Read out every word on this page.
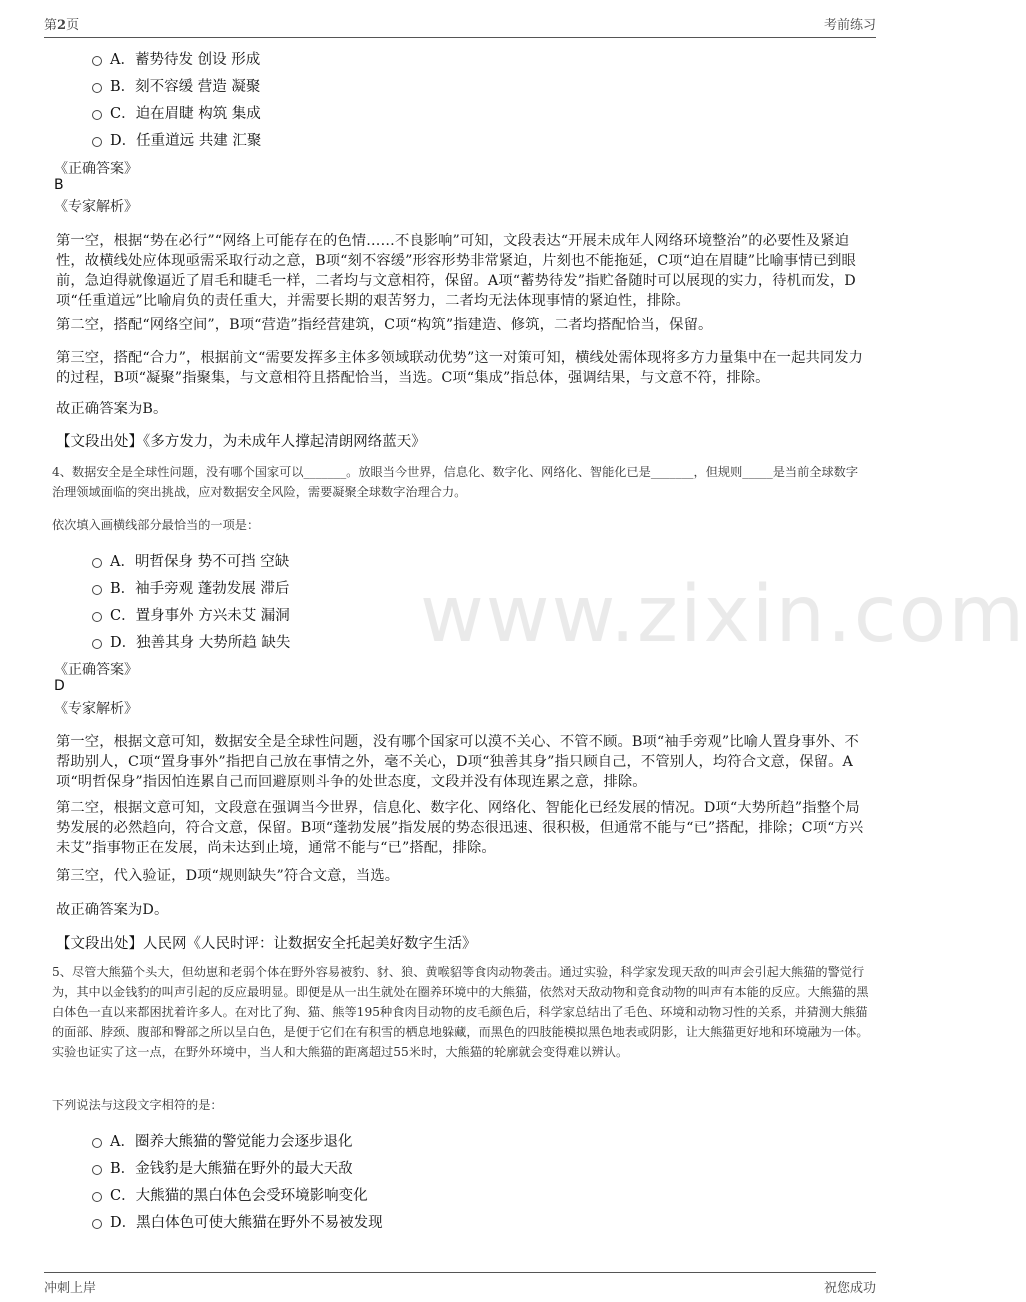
第2页	考前练习
www.zixin.com
A．蓄势待发 创设 形成
B．刻不容缓 营造 凝聚
C．迫在眉睫 构筑 集成
D．任重道远 共建 汇聚
《正确答案》
B
《专家解析》
第一空，根据“势在必行”“网络上可能存在的色情……不良影响”可知，文段表达“开展未成年人网络环境整治”的必要性及紧迫性，故横线处应体现亟需采取行动之意，B项“刻不容缓”形容形势非常紧迫，片刻也不能拖延，C项“迫在眉睫”比喻事情已到眼前，急迫得就像逼近了眉毛和睫毛一样，二者均与文意相符，保留。A项“蓄势待发”指贮备随时可以展现的实力，待机而发，D项“任重道远”比喻肩负的责任重大，并需要长期的艰苦努力，二者均无法体现事情的紧迫性，排除。
第二空，搭配“网络空间”，B项“营造”指经营建筑，C项“构筑”指建造、修筑，二者均搭配恰当，保留。
第三空，搭配“合力”，根据前文“需要发挥多主体多领域联动优势”这一对策可知，横线处需体现将多方力量集中在一起共同发力的过程，B项“凝聚”指聚集，与文意相符且搭配恰当，当选。C项“集成”指总体，强调结果，与文意不符，排除。
故正确答案为B。
【文段出处】《多方发力，为未成年人撑起清朗网络蓝天》
4、数据安全是全球性问题，没有哪个国家可以_______。放眼当今世界，信息化、数字化、网络化、智能化已是_______，但规则_____是当前全球数字治理领域面临的突出挑战，应对数据安全风险，需要凝聚全球数字治理合力。
依次填入画横线部分最恰当的一项是：
A．明哲保身 势不可挡 空缺
B．袖手旁观 蓬勃发展 滞后
C．置身事外 方兴未艾 漏洞
D．独善其身 大势所趋 缺失
《正确答案》
D
《专家解析》
第一空，根据文意可知，数据安全是全球性问题，没有哪个国家可以漠不关心、不管不顾。B项“袖手旁观”比喻人置身事外、不帮助别人，C项“置身事外”指把自己放在事情之外，毫不关心，D项“独善其身”指只顾自己，不管别人，均符合文意，保留。A项“明哲保身”指因怕连累自己而回避原则斗争的处世态度，文段并没有体现连累之意，排除。
第二空，根据文意可知，文段意在强调当今世界，信息化、数字化、网络化、智能化已经发展的情况。D项“大势所趋”指整个局势发展的必然趋向，符合文意，保留。B项“蓬勃发展”指发展的势态很迅速、很积极，但通常不能与“已”搭配，排除；C项“方兴未艾”指事物正在发展，尚未达到止境，通常不能与“已”搭配，排除。
第三空，代入验证，D项“规则缺失”符合文意，当选。
故正确答案为D。
【文段出处】人民网《人民时评：让数据安全托起美好数字生活》
5、尽管大熊猫个头大，但幼崽和老弱个体在野外容易被豹、豺、狼、黄喉貂等食肉动物袭击。通过实验，科学家发现天敌的叫声会引起大熊猫的警觉行为，其中以金钱豹的叫声引起的反应最明显。即便是从一出生就处在圈养环境中的大熊猫，依然对天敌动物和竞食动物的叫声有本能的反应。大熊猫的黑白体色一直以来都困扰着许多人。在对比了狗、猫、熊等195种食肉目动物的皮毛颜色后，科学家总结出了毛色、环境和动物习性的关系，并猜测大熊猫的面部、脖颈、腹部和臀部之所以呈白色，是便于它们在有积雪的栖息地躲藏，而黑色的四肢能模拟黑色地表或阴影，让大熊猫更好地和环境融为一体。实验也证实了这一点，在野外环境中，当人和大熊猫的距离超过55米时，大熊猫的轮廓就会变得难以辨认。
下列说法与这段文字相符的是：
A．圈养大熊猫的警觉能力会逐步退化
B．金钱豹是大熊猫在野外的最大天敌
C．大熊猫的黑白体色会受环境影响变化
D．黑白体色可使大熊猫在野外不易被发现
冲刺上岸	祝您成功
